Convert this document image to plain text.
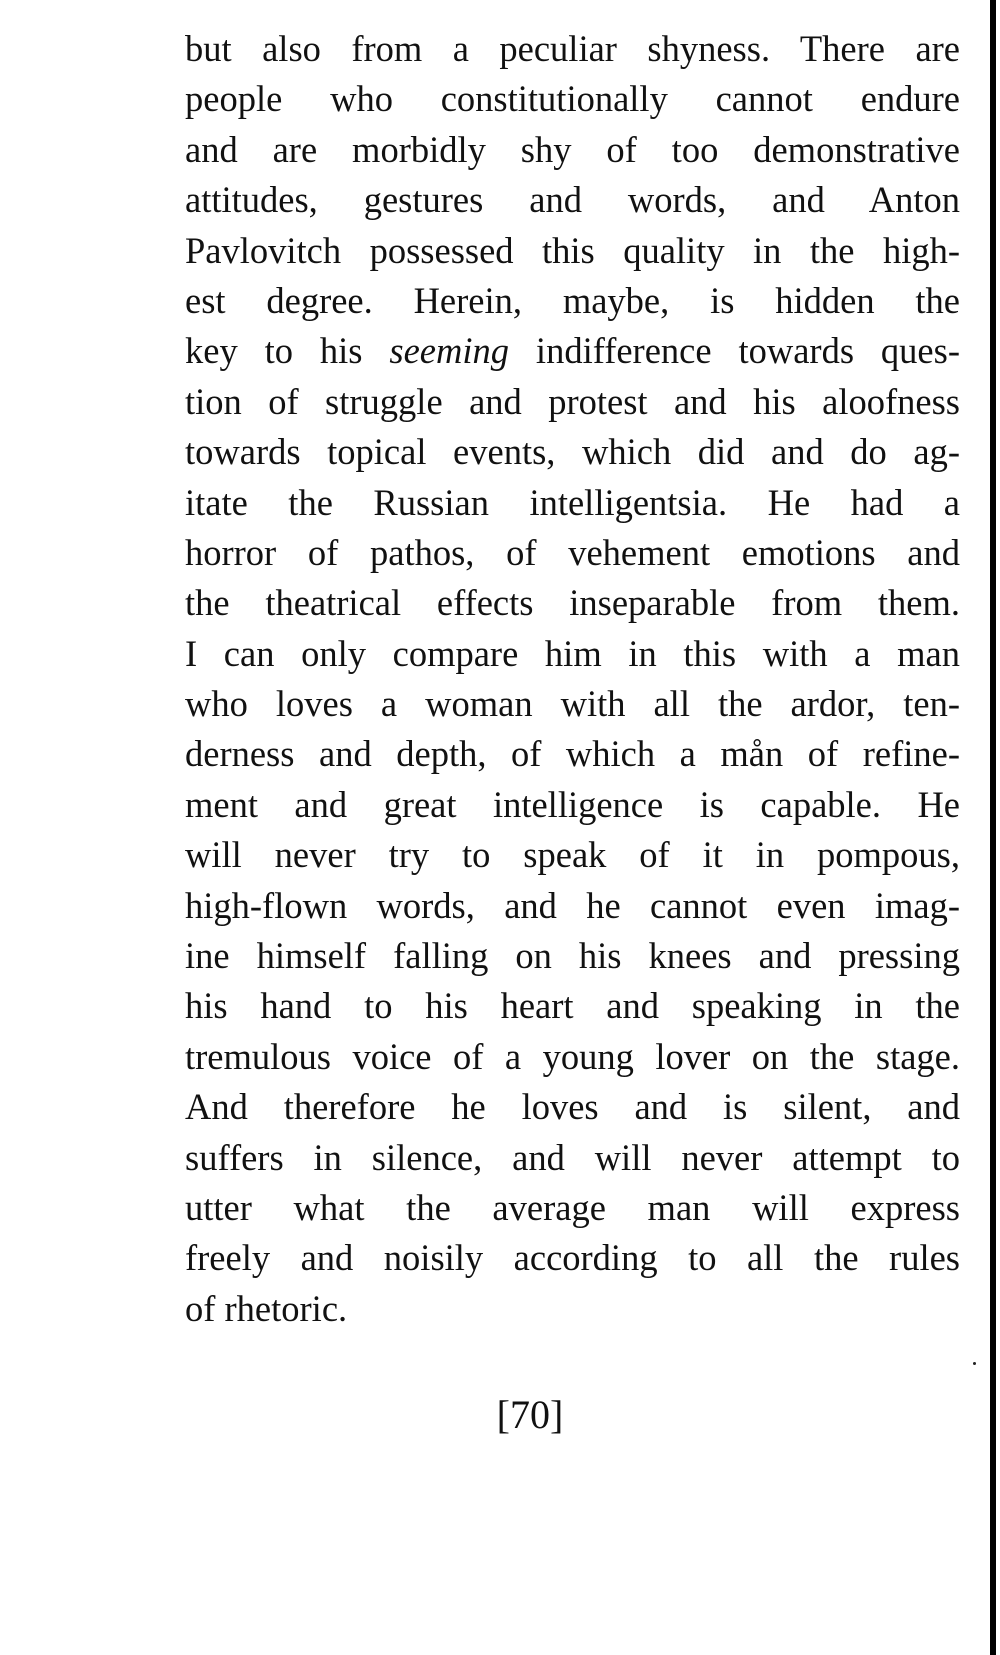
but also from a peculiar shyness. There are
people who constitutionally cannot endure
and are morbidly shy of too demonstrative
attitudes, gestures and words, and Anton
Pavlovitch possessed this quality in the high-
est degree. Herein, maybe, is hidden the
key to his seeming indifference towards ques-
tion of struggle and protest and his aloofness
towards topical events, which did and do ag-
itate the Russian intelligentsia. He had a
horror of pathos, of vehement emotions and
the theatrical effects inseparable from them.
I can only compare him in this with a man
who loves a woman with all the ardor, ten-
derness and depth, of which a mån of refine-
ment and great intelligence is capable. He
will never try to speak of it in pompous,
high-flown words, and he cannot even imag-
ine himself falling on his knees and pressing
his hand to his heart and speaking in the
tremulous voice of a young lover on the stage.
And therefore he loves and is silent, and
suffers in silence, and will never attempt to
utter what the average man will express
freely and noisily according to all the rules
of rhetoric.
[70]
